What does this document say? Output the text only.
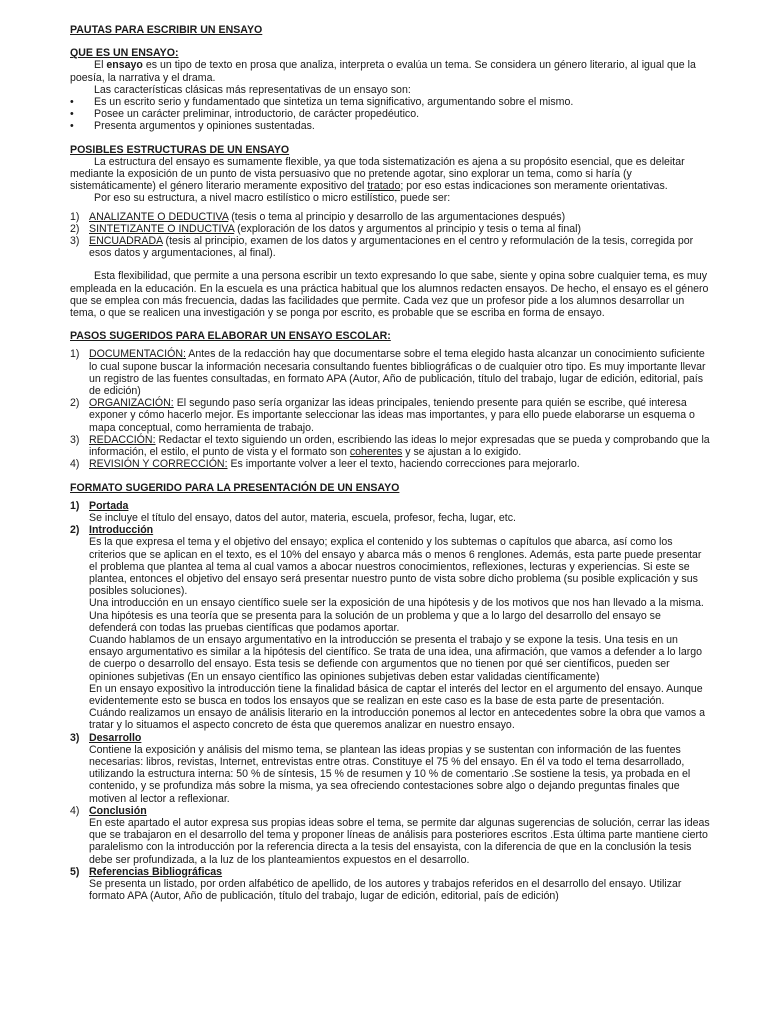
PAUTAS PARA ESCRIBIR UN ENSAYO

QUE ES UN ENSAYO:

El ensayo es un tipo de texto en prosa que analiza, interpreta o evalúa un tema. Se considera un género literario, al igual que la poesía, la narrativa y el drama.

Las características clásicas más representativas de un ensayo son:

• Es un escrito serio y fundamentado que sintetiza un tema significativo, argumentando sobre el mismo.

• Posee un carácter preliminar, introductorio, de carácter propedéutico.

• Presenta argumentos y opiniones sustentadas.

POSIBLES ESTRUCTURAS DE UN ENSAYO

La estructura del ensayo es sumamente flexible, ya que toda sistematización es ajena a su propósito esencial, que es deleitar mediante la exposición de un punto de vista persuasivo que no pretende agotar, sino explorar un tema, como si haría (y sistemáticamente) el género literario meramente expositivo del tratado; por eso estas indicaciones son meramente orientativas.

Por eso su estructura, a nivel macro estilístico o micro estilístico, puede ser:

1) ANALIZANTE O DEDUCTIVA (tesis o tema al principio y desarrollo de las argumentaciones después)

2) SINTETIZANTE O INDUCTIVA (exploración de los datos y argumentos al principio y tesis o tema al final)

3) ENCUADRADA (tesis al principio, examen de los datos y argumentaciones en el centro y reformulación de la tesis, corregida por esos datos y argumentaciones, al final).

Esta flexibilidad, que permite a una persona escribir un texto expresando lo que sabe, siente y opina sobre cualquier tema, es muy empleada en la educación. En la escuela es una práctica habitual que los alumnos redacten ensayos. De hecho, el ensayo es el género que se emplea con más frecuencia, dadas las facilidades que permite. Cada vez que un profesor pide a los alumnos desarrollar un tema, o que se realicen una investigación y se ponga por escrito, es probable que se escriba en forma de ensayo.

PASOS SUGERIDOS PARA ELABORAR UN ENSAYO ESCOLAR:

1) DOCUMENTACIÓN: Antes de la redacción hay que documentarse sobre el tema elegido hasta alcanzar un conocimiento suficiente lo cual supone buscar la información necesaria consultando fuentes bibliográficas o de cualquier otro tipo. Es muy importante llevar un registro de las fuentes consultadas, en formato APA (Autor, Año de publicación, título del trabajo, lugar de edición, editorial, país de edición)

2) ORGANIZACIÓN: El segundo paso sería organizar las ideas principales, teniendo presente para quién se escribe, qué interesa exponer y cómo hacerlo mejor. Es importante seleccionar las ideas mas importantes, y para ello puede elaborarse un esquema o mapa conceptual, como herramienta de trabajo.

3) REDACCIÓN: Redactar el texto siguiendo un orden, escribiendo las ideas lo mejor expresadas que se pueda y comprobando que la información, el estilo, el punto de vista y el formato son coherentes y se ajustan a lo exigido.

4) REVISIÓN Y CORRECCIÓN: Es importante volver a leer el texto, haciendo correcciones para mejorarlo.

FORMATO SUGERIDO PARA LA PRESENTACIÓN DE UN ENSAYO

1) Portada

Se incluye el título del ensayo, datos del autor, materia, escuela, profesor, fecha, lugar, etc.

2) Introducción

Es la que expresa el tema y el objetivo del ensayo; explica el contenido y los subtemas o capítulos que abarca, así como los criterios que se aplican en el texto, es el 10% del ensayo y abarca más o menos 6 renglones. Además, esta parte puede presentar el problema que plantea al tema al cual vamos a abocar nuestros conocimientos, reflexiones, lecturas y experiencias. Si este se plantea, entonces el objetivo del ensayo será presentar nuestro punto de vista sobre dicho problema (su posible explicación y sus posibles soluciones).

Una introducción en un ensayo científico suele ser la exposición de una hipótesis y de los motivos que nos han llevado a la misma. Una hipótesis es una teoría que se presenta para la solución de un problema y que a lo largo del desarrollo del ensayo se defenderá con todas las pruebas científicas que podamos aportar.

Cuando hablamos de un ensayo argumentativo en la introducción se presenta el trabajo y se expone la tesis. Una tesis en un ensayo argumentativo es similar a la hipótesis del científico. Se trata de una idea, una afirmación, que vamos a defender a lo largo de cuerpo o desarrollo del ensayo. Esta tesis se defiende con argumentos que no tienen por qué ser científicos, pueden ser opiniones subjetivas (En un ensayo científico las opiniones subjetivas deben estar validadas científicamente)

En un ensayo expositivo la introducción tiene la finalidad básica de captar el interés del lector en el argumento del ensayo. Aunque evidentemente esto se busca en todos los ensayos que se realizan en este caso es la base de esta parte de presentación.

Cuándo realizamos un ensayo de análisis literario en la introducción ponemos al lector en antecedentes sobre la obra que vamos a tratar y lo situamos el aspecto concreto de ésta que queremos analizar en nuestro ensayo.

3) Desarrollo

Contiene la exposición y análisis del mismo tema, se plantean las ideas propias y se sustentan con información de las fuentes necesarias: libros, revistas, Internet, entrevistas entre otras. Constituye el 75 % del ensayo. En él va todo el tema desarrollado, utilizando la estructura interna: 50 % de síntesis, 15 % de resumen y 10 % de comentario .Se sostiene la tesis, ya probada en el contenido, y se profundiza más sobre la misma, ya sea ofreciendo contestaciones sobre algo o dejando preguntas finales que motiven al lector a reflexionar.

4) Conclusión

En este apartado el autor expresa sus propias ideas sobre el tema, se permite dar algunas sugerencias de solución, cerrar las ideas que se trabajaron en el desarrollo del tema y proponer líneas de análisis para posteriores escritos .Esta última parte mantiene cierto paralelismo con la introducción por la referencia directa a la tesis del ensayista, con la diferencia de que en la conclusión la tesis debe ser profundizada, a la luz de los planteamientos expuestos en el desarrollo.

5) Referencias Bibliográficas

Se presenta un listado, por orden alfabético de apellido, de los autores y trabajos referidos en el desarrollo del ensayo. Utilizar formato APA (Autor, Año de publicación, título del trabajo, lugar de edición, editorial, país de edición)
